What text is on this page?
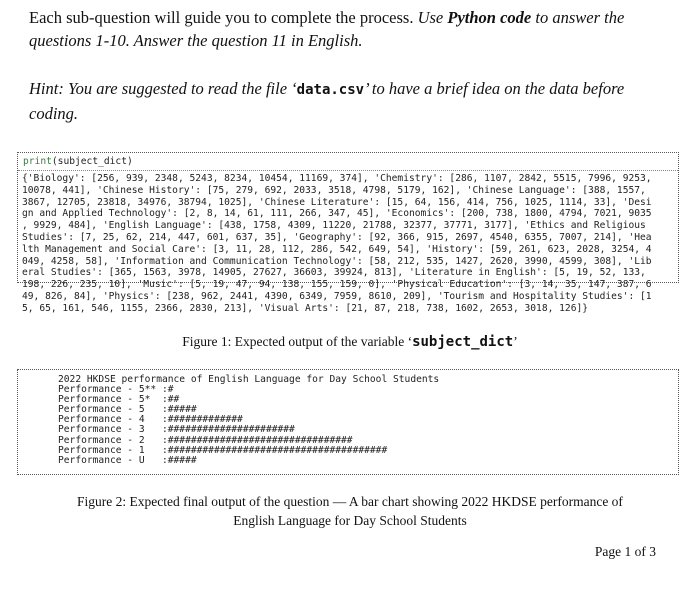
Each sub-question will guide you to complete the process. Use Python code to answer the questions 1-10. Answer the question 11 in English.
Hint: You are suggested to read the file ‘data.csv’ to have a brief idea on the data before coding.
print(subject_dict)
{'Biology': [256, 939, 2348, 5243, 8234, 10454, 11169, 374], 'Chemistry': [286, 1107, 2842, 5515, 7996, 9253,
10078, 441], 'Chinese History': [75, 279, 692, 2033, 3518, 4798, 5179, 162], 'Chinese Language': [388, 1557,
3867, 12705, 23818, 34976, 38794, 1025], 'Chinese Literature': [15, 64, 156, 414, 756, 1025, 1114, 33], 'Desi
gn and Applied Technology': [2, 8, 14, 61, 111, 266, 347, 45], 'Economics': [200, 738, 1800, 4794, 7021, 9035
, 9929, 484], 'English Language': [438, 1758, 4309, 11220, 21788, 32377, 37771, 3177], 'Ethics and Religious
Studies': [7, 25, 62, 214, 447, 601, 637, 35], 'Geography': [92, 366, 915, 2697, 4540, 6355, 7007, 214], 'Hea
lth Management and Social Care': [3, 11, 28, 112, 286, 542, 649, 54], 'History': [59, 261, 623, 2028, 3254, 4
049, 4258, 58], 'Information and Communication Technology': [58, 212, 535, 1427, 2620, 3990, 4599, 308], 'Lib
eral Studies': [365, 1563, 3978, 14905, 27627, 36603, 39924, 813], 'Literature in English': [5, 19, 52, 133,
198, 226, 235, 10], 'Music': [5, 19, 47, 94, 138, 155, 159, 0], 'Physical Education': [3, 14, 35, 147, 387, 6
49, 826, 84], 'Physics': [238, 962, 2441, 4390, 6349, 7959, 8610, 209], 'Tourism and Hospitality Studies': [1
5, 65, 161, 546, 1155, 2366, 2830, 213], 'Visual Arts': [21, 87, 218, 738, 1602, 2653, 3018, 126]}
Figure 1: Expected output of the variable ‘subject_dict’
2022 HKDSE performance of English Language for Day School Students
Performance - 5** :#
Performance - 5*  :##
Performance - 5   :#####
Performance - 4   :#############
Performance - 3   :######################
Performance - 2   :################################
Performance - 1   :######################################
Performance - U   :#####
Figure 2: Expected final output of the question — A bar chart showing 2022 HKDSE performance of
English Language for Day School Students
Page 1 of 3
